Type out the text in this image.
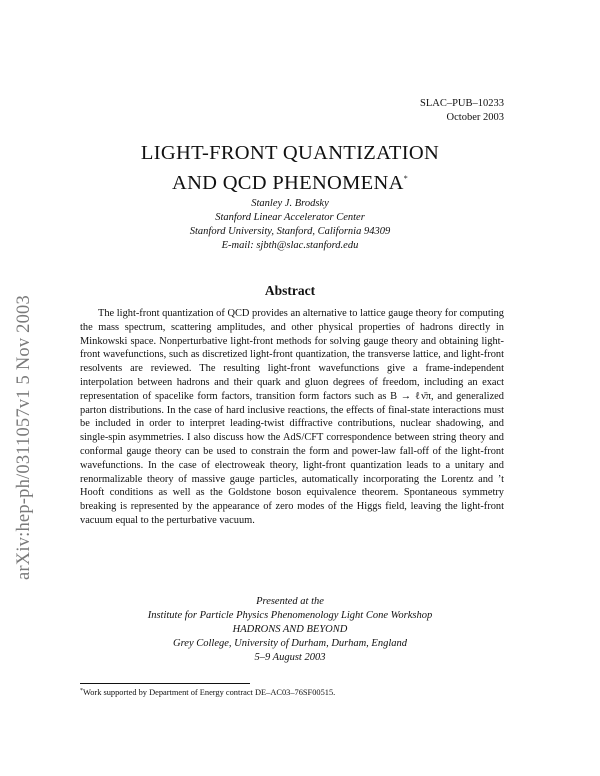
arXiv:hep-ph/0311057v1 5 Nov 2003
SLAC–PUB–10233
October 2003
LIGHT-FRONT QUANTIZATION
AND QCD PHENOMENA*
Stanley J. Brodsky
Stanford Linear Accelerator Center
Stanford University, Stanford, California 94309
E-mail: sjbth@slac.stanford.edu
Abstract

The light-front quantization of QCD provides an alternative to lattice gauge theory for computing the mass spectrum, scattering amplitudes, and other physical properties of hadrons directly in Minkowski space. Nonperturbative light-front methods for solving gauge theory and obtaining light-front wavefunctions, such as discretized light-front quantization, the transverse lattice, and light-front resolvents are reviewed. The resulting light-front wavefunctions give a frame-independent interpolation between hadrons and their quark and gluon degrees of freedom, including an exact representation of spacelike form factors, transition form factors such as B → ℓν̄π, and generalized parton distributions. In the case of hard inclusive reactions, the effects of final-state interactions must be included in order to interpret leading-twist diffractive contributions, nuclear shadowing, and single-spin asymmetries. I also discuss how the AdS/CFT correspondence between string theory and conformal gauge theory can be used to constrain the form and power-law fall-off of the light-front wavefunctions. In the case of electroweak theory, light-front quantization leads to a unitary and renormalizable theory of massive gauge particles, automatically incorporating the Lorentz and ’t Hooft conditions as well as the Goldstone boson equivalence theorem. Spontaneous symmetry breaking is represented by the appearance of zero modes of the Higgs field, leaving the light-front vacuum equal to the perturbative vacuum.

Presented at the
Institute for Particle Physics Phenomenology Light Cone Workshop
HADRONS AND BEYOND
Grey College, University of Durham, Durham, England
5–9 August 2003
*Work supported by Department of Energy contract DE–AC03–76SF00515.
